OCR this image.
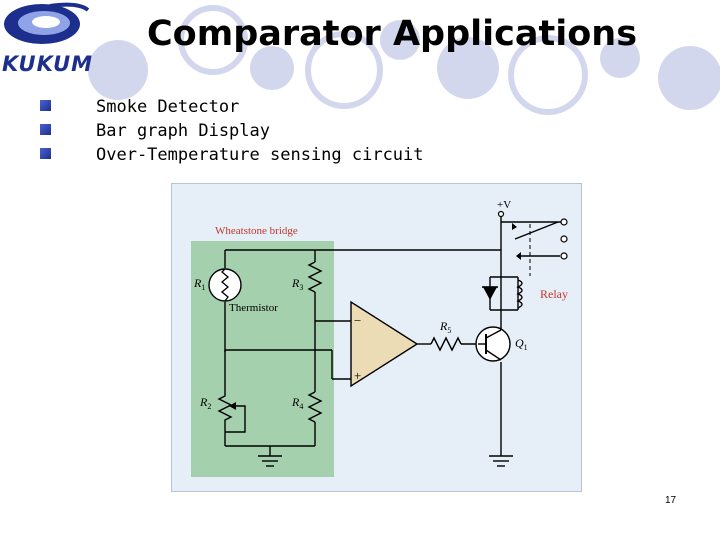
KUKUM
Comparator Applications
Smoke Detector
Bar graph Display
Over-Temperature sensing circuit
Wheatstone bridge
−
+
+V
Relay
Thermistor
$R_1$	$R_3$
$R_2$	$R_4$
$R_5$
$Q_1$
17
